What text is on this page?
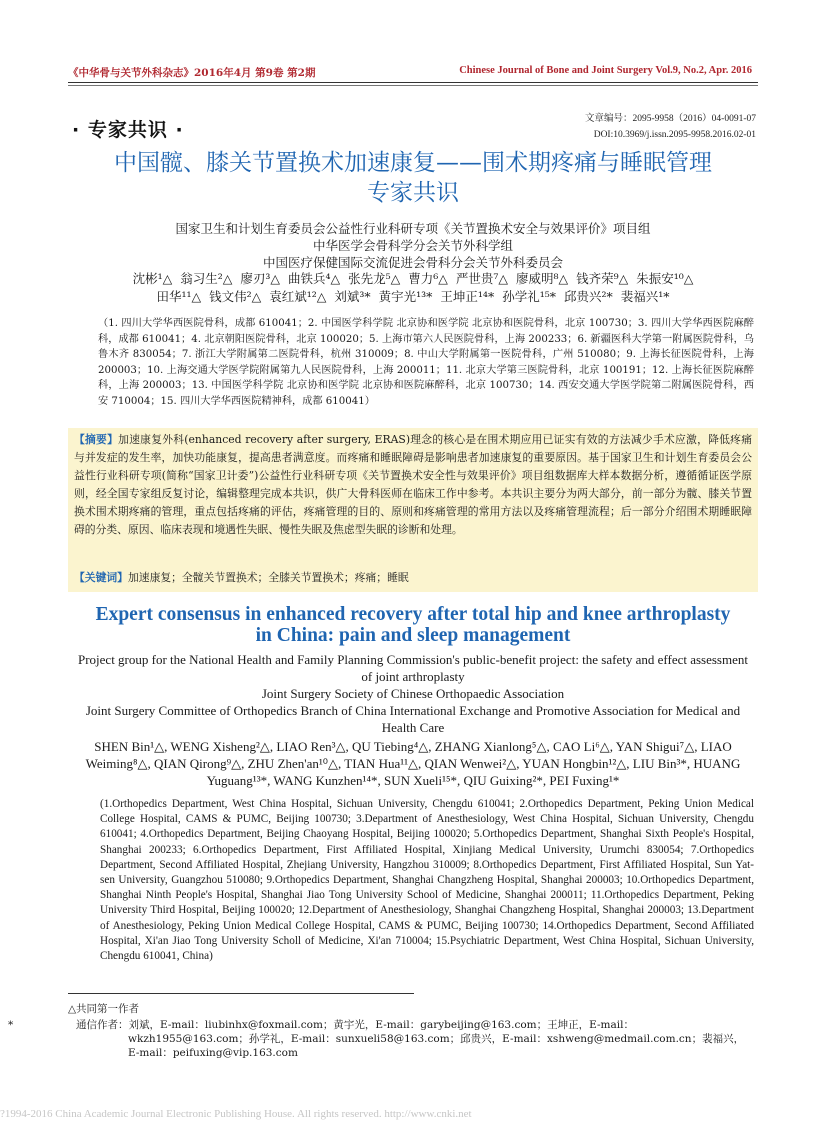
《中华骨与关节外科杂志》2016年4月 第9卷 第2期	Chinese Journal of Bone and Joint Surgery Vol.9, No.2, Apr. 2016
文章编号：2095-9958（2016）04-0091-07
DOI:10.3969/j.issn.2095-9958.2016.02-01
· 专家共识 ·
中国髋、膝关节置换术加速康复——围术期疼痛与睡眠管理
专家共识
国家卫生和计划生育委员会公益性行业科研专项《关节置换术安全与效果评价》项目组
中华医学会骨科学分会关节外科学组
中国医疗保健国际交流促进会骨科分会关节外科委员会
沈彬¹△ 翁习生²△ 廖刃³△ 曲铁兵⁴△ 张先龙⁵△ 曹力⁶△ 严世贵⁷△ 廖威明⁸△ 钱齐荣⁹△ 朱振安¹⁰△
田华¹¹△ 钱文伟²△ 袁红斌¹²△ 刘斌³* 黄宇光¹³* 王坤正¹⁴* 孙学礼¹⁵* 邱贵兴²* 裴福兴¹*
（1. 四川大学华西医院骨科，成都 610041；2. 中国医学科学院 北京协和医学院 北京协和医院骨科，北京 100730；3. 四川大学华西医院麻醉科，成都 610041；4. 北京朝阳医院骨科，北京 100020；5. 上海市第六人民医院骨科，上海 200233；6. 新疆医科大学第一附属医院骨科，乌鲁木齐 830054；7. 浙江大学附属第二医院骨科，杭州 310009；8. 中山大学附属第一医院骨科，广州 510080；9. 上海长征医院骨科，上海 200003；10. 上海交通大学医学院附属第九人民医院骨科，上海 200011；11. 北京大学第三医院骨科，北京 100191；12. 上海长征医院麻醉科，上海 200003；13. 中国医学科学院 北京协和医学院 北京协和医院麻醉科，北京 100730；14. 西安交通大学医学院第二附属医院骨科，西安 710004；15. 四川大学华西医院精神科，成都 610041）
【摘要】加速康复外科(enhanced recovery after surgery, ERAS)理念的核心是在围术期应用已证实有效的方法减少手术应激，降低疼痛与并发症的发生率，加快功能康复，提高患者满意度。而疼痛和睡眠障碍是影响患者加速康复的重要原因。基于国家卫生和计划生育委员会公益性行业科研专项(简称“国家卫计委”)公益性行业科研专项《关节置换术安全性与效果评价》项目组数据库大样本数据分析，遵循循证医学原则，经全国专家组反复讨论，编辑整理完成本共识，供广大骨科医师在临床工作中参考。本共识主要分为两大部分，前一部分为髋、膝关节置换术围术期疼痛的管理，重点包括疼痛的评估，疼痛管理的目的、原则和疼痛管理的常用方法以及疼痛管理流程；后一部分介绍围术期睡眠障碍的分类、原因、临床表现和境遇性失眠、慢性失眠及焦虑型失眠的诊断和处理。
【关键词】加速康复；全髋关节置换术；全膝关节置换术；疼痛；睡眠
Expert consensus in enhanced recovery after total hip and knee arthroplasty
in China: pain and sleep management
Project group for the National Health and Family Planning Commission's public-benefit project: the safety and effect assessment of joint arthroplasty
Joint Surgery Society of Chinese Orthopaedic Association
Joint Surgery Committee of Orthopedics Branch of China International Exchange and Promotive Association for Medical and Health Care
SHEN Bin¹△, WENG Xisheng²△, LIAO Ren³△, QU Tiebing⁴△, ZHANG Xianlong⁵△, CAO Li⁶△, YAN Shigui⁷△, LIAO Weiming⁸△, QIAN Qirong⁹△, ZHU Zhen'an¹⁰△, TIAN Hua¹¹△, QIAN Wenwei²△, YUAN Hongbin¹²△, LIU Bin³*, HUANG Yuguang¹³*, WANG Kunzhen¹⁴*, SUN Xueli¹⁵*, QIU Guixing²*, PEI Fuxing¹*
(1.Orthopedics Department, West China Hospital, Sichuan University, Chengdu 610041; 2.Orthopedics Department, Peking Union Medical College Hospital, CAMS & PUMC, Beijing 100730; 3.Department of Anesthesiology, West China Hospital, Sichuan University, Chengdu 610041; 4.Orthopedics Department, Beijing Chaoyang Hospital, Beijing 100020; 5.Orthopedics Department, Shanghai Sixth People's Hospital, Shanghai 200233; 6.Orthopedics Department, First Affiliated Hospital, Xinjiang Medical University, Urumchi 830054; 7.Orthopedics Department, Second Affiliated Hospital, Zhejiang University, Hangzhou 310009; 8.Orthopedics Department, First Affiliated Hospital, Sun Yat-sen University, Guangzhou 510080; 9.Orthopedics Department, Shanghai Changzheng Hospital, Shanghai 200003; 10.Orthopedics Department, Shanghai Ninth People's Hospital, Shanghai Jiao Tong University School of Medicine, Shanghai 200011; 11.Orthopedics Department, Peking University Third Hospital, Beijing 100020; 12.Department of Anesthesiology, Shanghai Changzheng Hospital, Shanghai 200003; 13.Department of Anesthesiology, Peking Union Medical College Hospital, CAMS & PUMC, Beijing 100730; 14.Orthopedics Department, Second Affiliated Hospital, Xi'an Jiao Tong University Scholl of Medicine, Xi'an 710004; 15.Psychiatric Department, West China Hospital, Sichuan University, Chengdu 610041, China)
△共同第一作者
*	通信作者：刘斌，E-mail：liubinhx@foxmail.com；黄宇光，E-mail：garybeijing@163.com；王坤正，E-mail：wkzh1955@163.com；孙学礼，E-mail：sunxueli58@163.com；邱贵兴，E-mail：xshweng@medmail.com.cn；裴福兴，E-mail：peifuxing@vip.163.com
?1994-2016 China Academic Journal Electronic Publishing House. All rights reserved. http://www.cnki.net
